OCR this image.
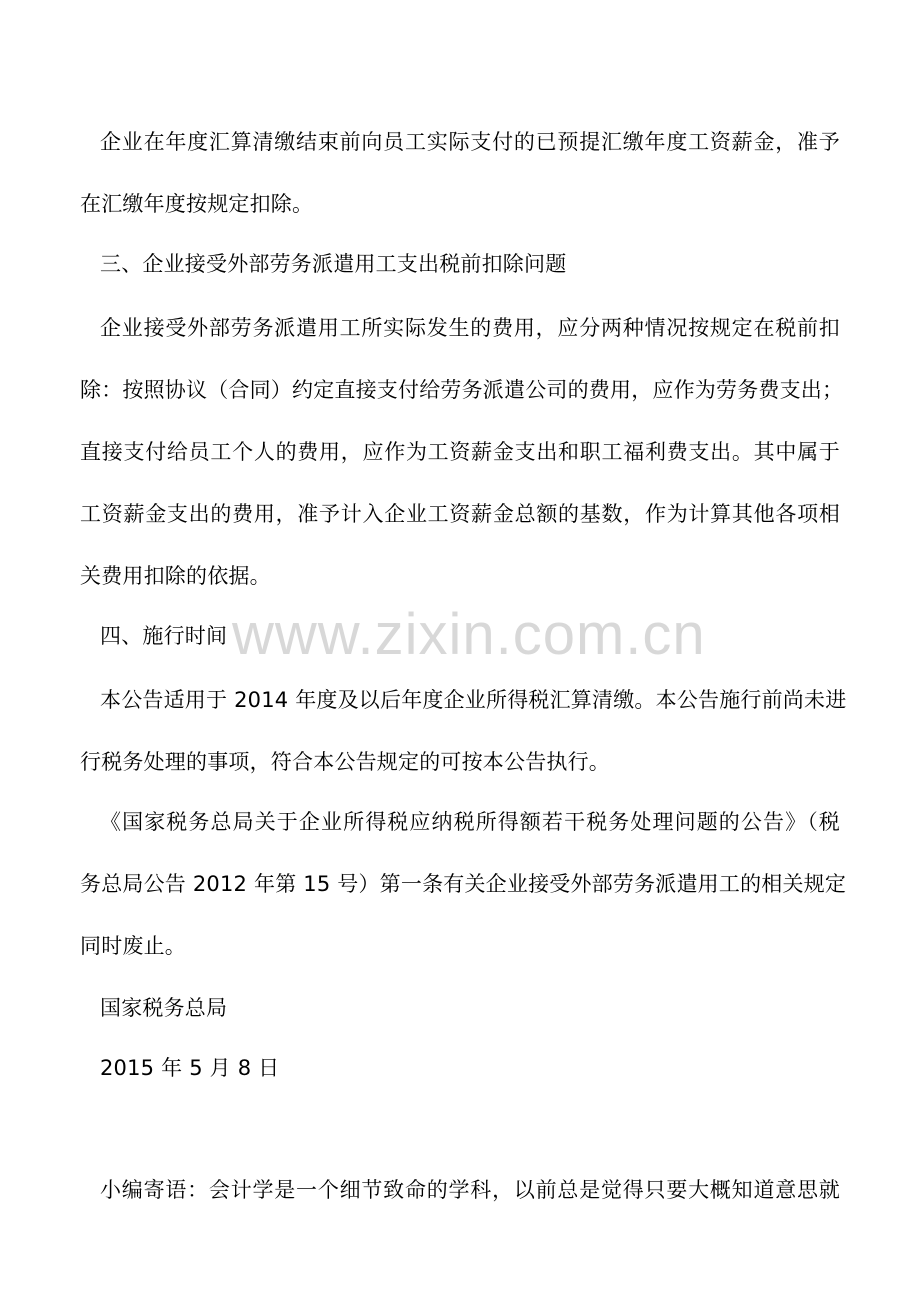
企业在年度汇算清缴结束前向员工实际支付的已预提汇缴年度工资薪金，准予
在汇缴年度按规定扣除。
三、企业接受外部劳务派遣用工支出税前扣除问题
企业接受外部劳务派遣用工所实际发生的费用，应分两种情况按规定在税前扣
除：按照协议（合同）约定直接支付给劳务派遣公司的费用，应作为劳务费支出；
直接支付给员工个人的费用，应作为工资薪金支出和职工福利费支出。其中属于
工资薪金支出的费用，准予计入企业工资薪金总额的基数，作为计算其他各项相
关费用扣除的依据。
四、施行时间
本公告适用于 2014 年度及以后年度企业所得税汇算清缴。本公告施行前尚未进
行税务处理的事项，符合本公告规定的可按本公告执行。
《国家税务总局关于企业所得税应纳税所得额若干税务处理问题的公告》（税
务总局公告 2012 年第 15 号）第一条有关企业接受外部劳务派遣用工的相关规定
同时废止。
国家税务总局
2015 年 5 月 8 日
小编寄语：会计学是一个细节致命的学科，以前总是觉得只要大概知道意思就
www.zixin.com.cn
